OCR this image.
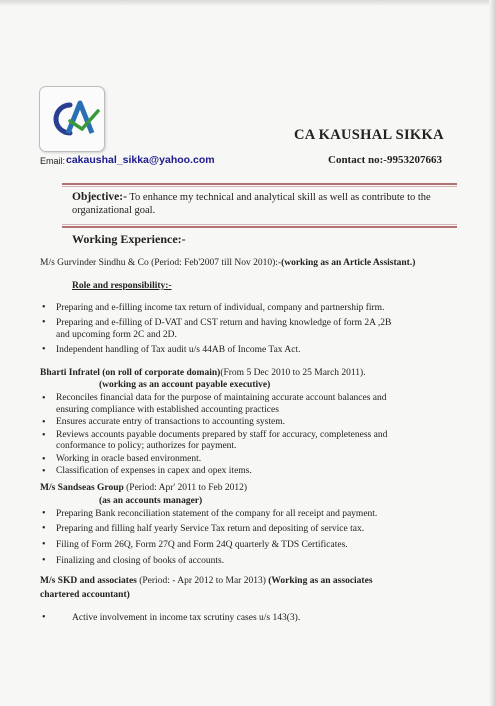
CA KAUSHAL SIKKA
Email: cakaushal_sikka@yahoo.com	Contact no:-9953207663
Objective:- To enhance my technical and analytical skill as well as contribute to the organizational goal.
Working Experience:-
M/s Gurvinder Sindhu & Co (Period: Feb'2007 till Nov 2010):-(working as an Article Assistant.)
Role and responsibility:-
• Preparing and e-filling income tax return of individual, company and partnership firm.
• Preparing and e-filling of D-VAT and CST return and having knowledge of form 2A ,2B
and upcoming form 2C and 2D.
• Independent handling of Tax audit u/s 44AB of Income Tax Act.
Bharti Infratel (on roll of corporate domain)(From 5 Dec 2010 to 25 March 2011).
(working as an account payable executive)
• Reconciles financial data for the purpose of maintaining accurate account balances and
ensuring compliance with established accounting practices
• Ensures accurate entry of transactions to accounting system.
• Reviews accounts payable documents prepared by staff for accuracy, completeness and
conformance to policy; authorizes for payment.
• Working in oracle based environment.
• Classification of expenses in capex and opex items.
M/s Sandseas Group (Period: Apr' 2011 to Feb 2012)
(as an accounts manager)
• Preparing Bank reconciliation statement of the company for all receipt and payment.
• Preparing and filling half yearly Service Tax return and depositing of service tax.
• Filing of Form 26Q, Form 27Q and Form 24Q quarterly & TDS Certificates.
• Finalizing and closing of books of accounts.
M/s SKD and associates (Period: - Apr 2012 to Mar 2013) (Working as an associates
chartered accountant)
• Active involvement in income tax scrutiny cases u/s 143(3).
